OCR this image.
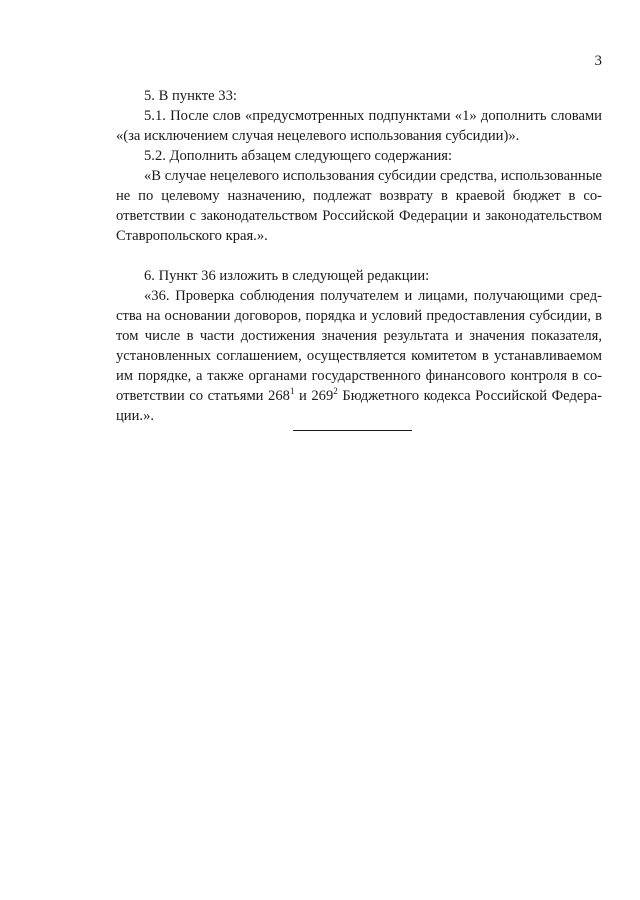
3

5. В пункте 33:

5.1. После слов «предусмотренных подпунктами «1» дополнить словами «(за исключением случая нецелевого использования субсидии)».

5.2. Дополнить абзацем следующего содержания:

«В случае нецелевого использования субсидии средства, использованные не по целевому назначению, подлежат возврату в краевой бюджет в соответствии с законодательством Российской Федерации и законодательством Ставропольского края.».

6. Пункт 36 изложить в следующей редакции:

«36. Проверка соблюдения получателем и лицами, получающими средства на основании договоров, порядка и условий предоставления субсидии, в том числе в части достижения значения результата и значения показателя, установленных соглашением, осуществляется комитетом в устанавливаемом им порядке, а также органами государственного финансового контроля в соответствии со статьями $268^1$ и $269^2$ Бюджетного кодекса Российской Федерации.».
